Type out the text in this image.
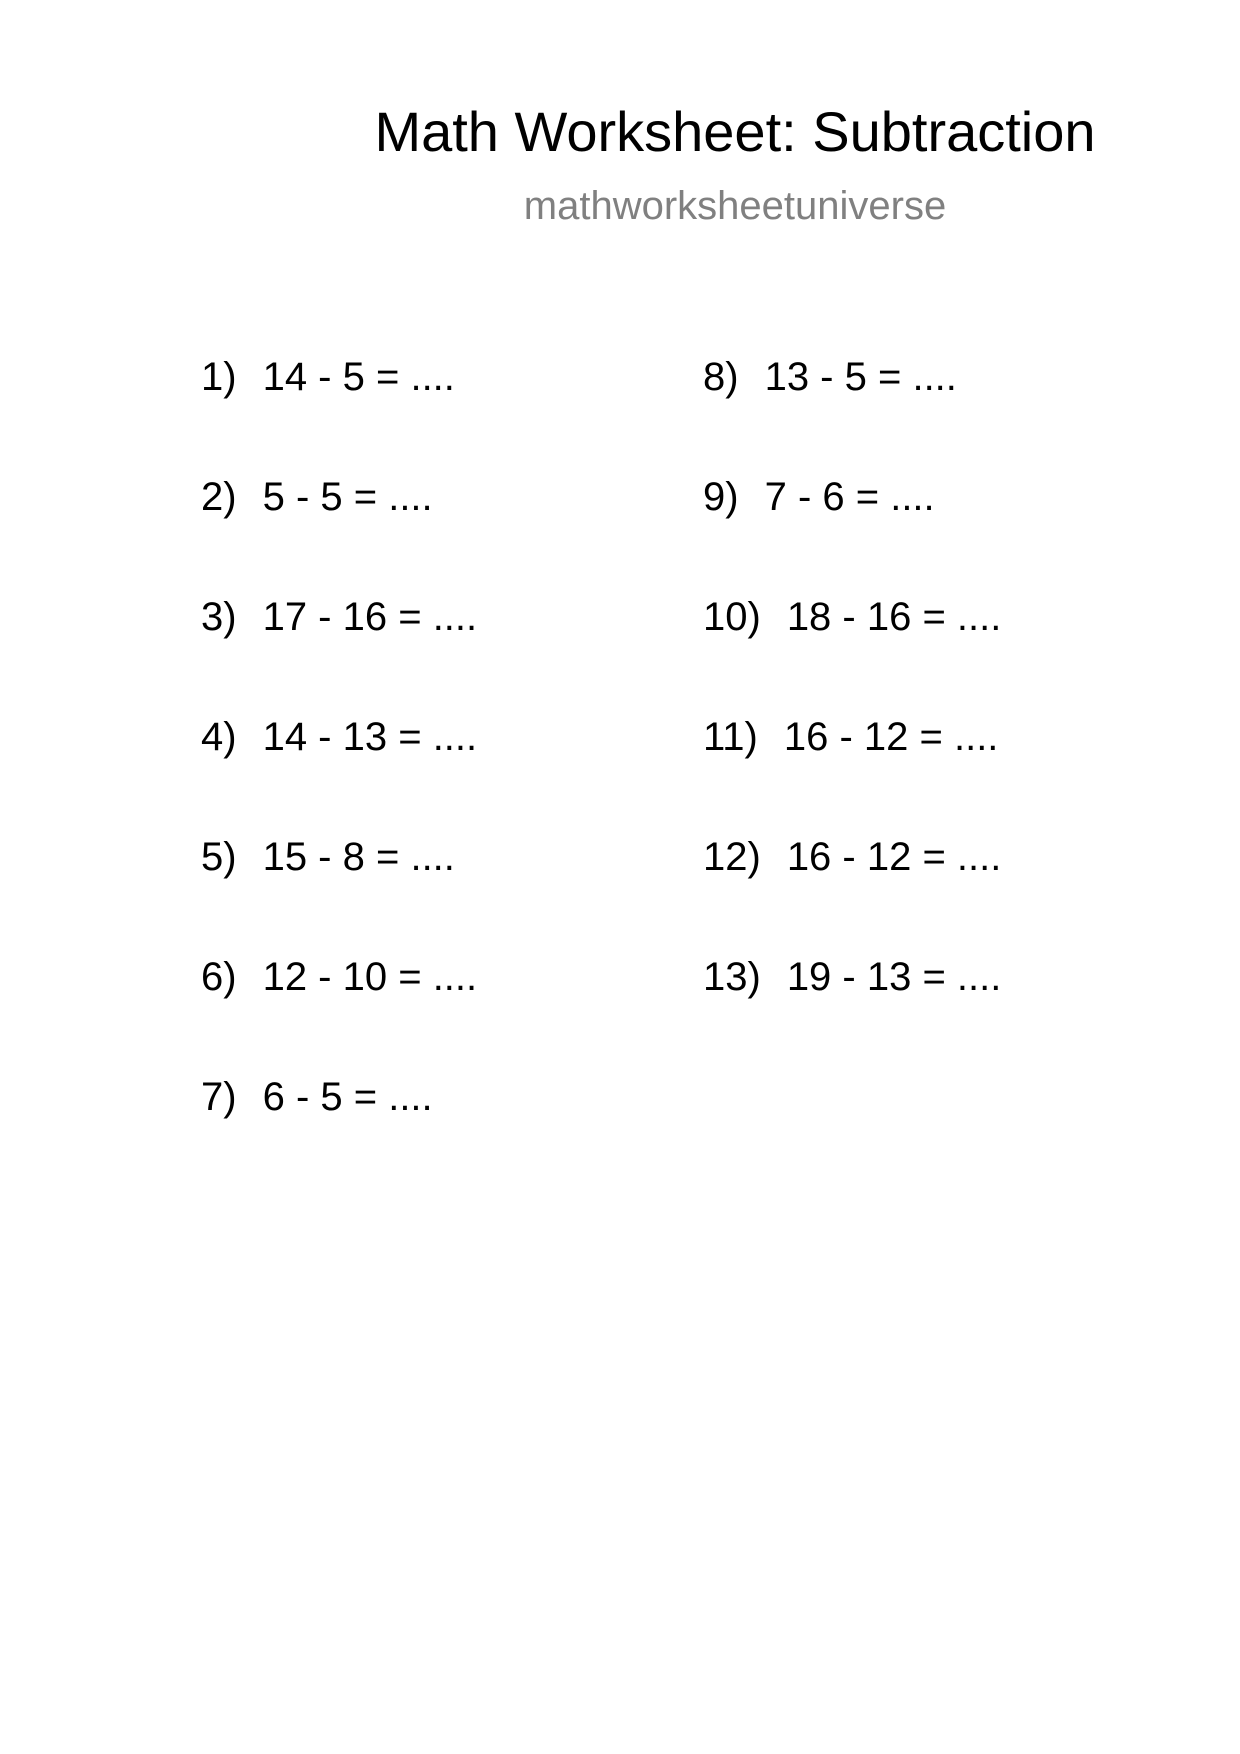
Math Worksheet: Subtraction
mathworksheetuniverse
1) 14 - 5 = ....
2) 5 - 5 = ....
3) 17 - 16 = ....
4) 14 - 13 = ....
5) 15 - 8 = ....
6) 12 - 10 = ....
7) 6 - 5 = ....
8) 13 - 5 = ....
9) 7 - 6 = ....
10) 18 - 16 = ....
11) 16 - 12 = ....
12) 16 - 12 = ....
13) 19 - 13 = ....
